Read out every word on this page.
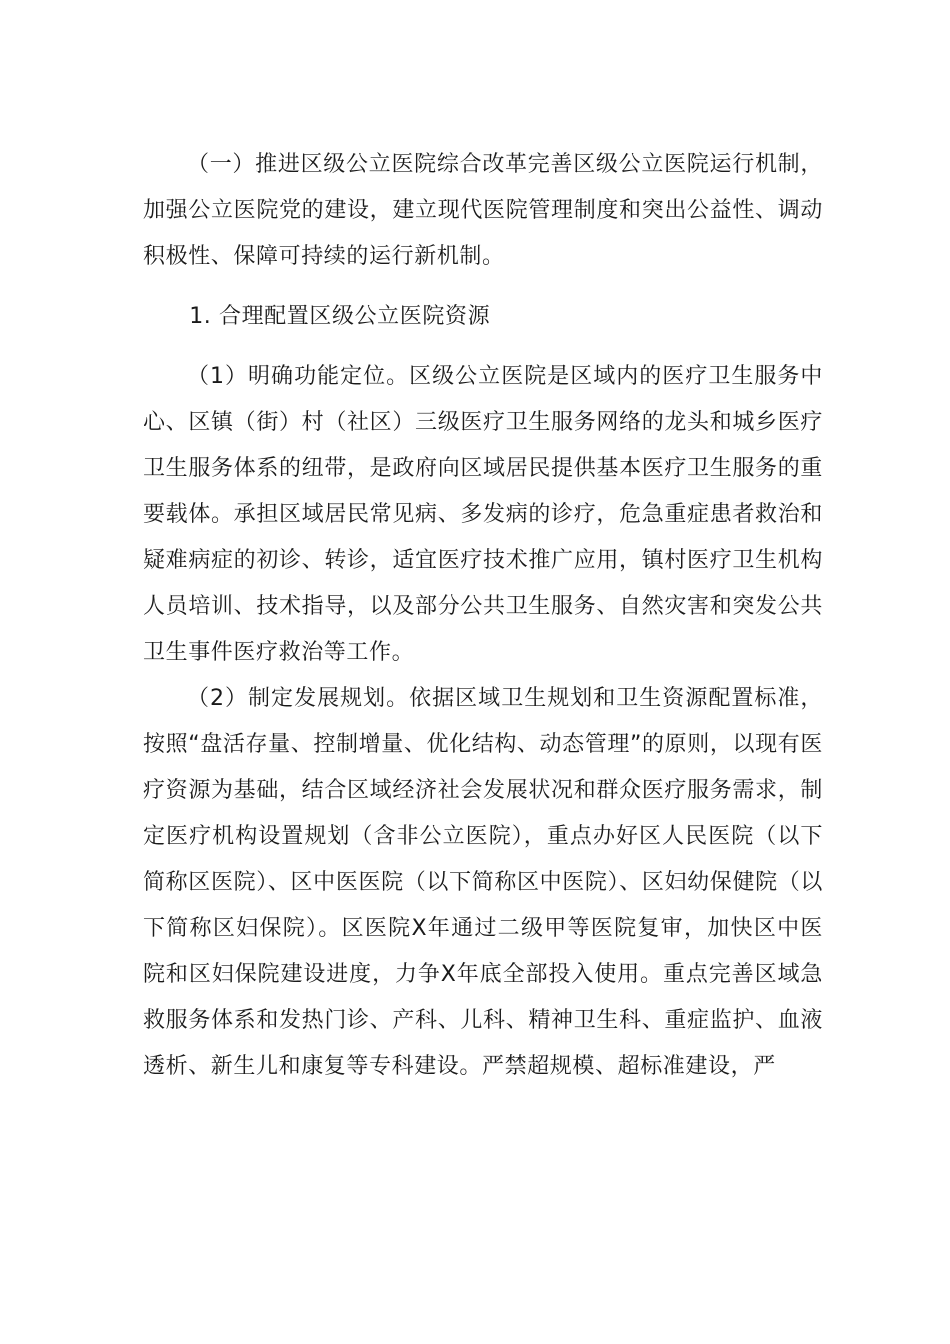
（一）推进区级公立医院综合改革完善区级公立医院运行机制，加强公立医院党的建设，建立现代医院管理制度和突出公益性、调动积极性、保障可持续的运行新机制。

1. 合理配置区级公立医院资源

（1）明确功能定位。区级公立医院是区域内的医疗卫生服务中心、区镇（街）村（社区）三级医疗卫生服务网络的龙头和城乡医疗卫生服务体系的纽带，是政府向区域居民提供基本医疗卫生服务的重要载体。承担区域居民常见病、多发病的诊疗，危急重症患者救治和疑难病症的初诊、转诊，适宜医疗技术推广应用，镇村医疗卫生机构人员培训、技术指导，以及部分公共卫生服务、自然灾害和突发公共卫生事件医疗救治等工作。

（2）制定发展规划。依据区域卫生规划和卫生资源配置标准，按照“盘活存量、控制增量、优化结构、动态管理”的原则，以现有医疗资源为基础，结合区域经济社会发展状况和群众医疗服务需求，制定医疗机构设置规划（含非公立医院），重点办好区人民医院（以下简称区医院）、区中医医院（以下简称区中医院）、区妇幼保健院（以下简称区妇保院）。区医院X年通过二级甲等医院复审，加快区中医院和区妇保院建设进度，力争X年底全部投入使用。重点完善区域急救服务体系和发热门诊、产科、儿科、精神卫生科、重症监护、血液透析、新生儿和康复等专科建设。严禁超规模、超标准建设，严
